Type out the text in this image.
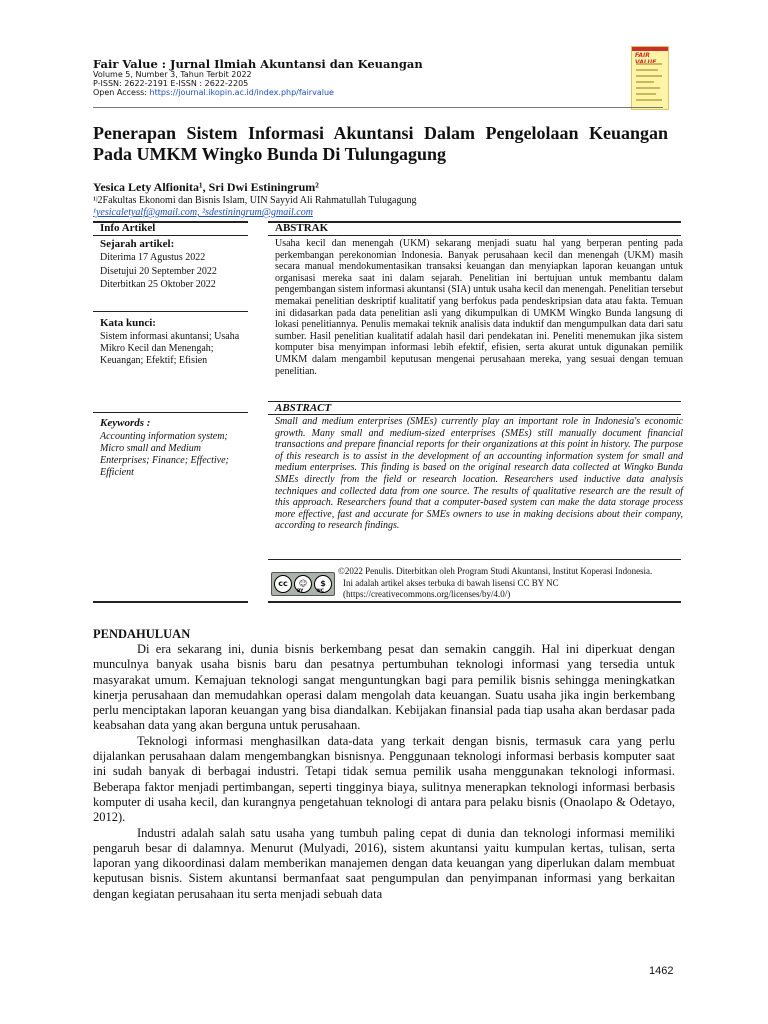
Fair Value : Jurnal Ilmiah Akuntansi dan Keuangan
Volume 5, Number 3, Tahun Terbit 2022
P-ISSN: 2622-2191 E-ISSN : 2622-2205
Open Access: https://journal.ikopin.ac.id/index.php/fairvalue
FAIR
Penerapan Sistem Informasi Akuntansi Dalam Pengelolaan Keuangan Pada UMKM Wingko Bunda Di Tulungagung
Yesica Lety Alfionita¹, Sri Dwi Estiningrum²
¹ʲ2Fakultas Ekonomi dan Bisnis Islam, UIN Sayyid Ali Rahmatullah Tulugagung
¹yesicaletyalf@gmail.com, ²sdestiningrum@gmail.com
Info Artikel
Sejarah artikel:
Diterima 17 Agustus 2022
Disetujui 20 September 2022
Diterbitkan 25 Oktober 2022
Kata kunci:
Sistem informasi akuntansi; Usaha Mikro Kecil dan Menengah; Keuangan; Efektif; Efisien
Keywords :
Accounting information system; Micro small and Medium Enterprises; Finance; Effective; Efficient
ABSTRAK
Usaha kecil dan menengah (UKM) sekarang menjadi suatu hal yang berperan penting pada perkembangan perekonomian Indonesia. Banyak perusahaan kecil dan menengah (UKM) masih secara manual mendokumentasikan transaksi keuangan dan menyiapkan laporan keuangan untuk organisasi mereka saat ini dalam sejarah. Penelitian ini bertujuan untuk membantu dalam pengembangan sistem informasi akuntansi (SIA) untuk usaha kecil dan menengah. Penelitian tersebut memakai penelitian deskriptif kualitatif yang berfokus pada pendeskripsian data atau fakta. Temuan ini didasarkan pada data penelitian asli yang dikumpulkan di UMKM Wingko Bunda langsung di lokasi penelitiannya. Penulis memakai teknik analisis data induktif dan mengumpulkan data dari satu sumber. Hasil penelitian kualitatif adalah hasil dari pendekatan ini. Peneliti menemukan jika sistem komputer bisa menyimpan informasi lebih efektif, efisien, serta akurat untuk digunakan pemilik UMKM dalam mengambil keputusan mengenai perusahaan mereka, yang sesuai dengan temuan penelitian.
ABSTRACT
Small and medium enterprises (SMEs) currently play an important role in Indonesia's economic growth. Many small and medium-sized enterprises (SMEs) still manually document financial transactions and prepare financial reports for their organizations at this point in history. The purpose of this research is to assist in the development of an accounting information system for small and medium enterprises. This finding is based on the original research data collected at Wingko Bunda SMEs directly from the field or research location. Researchers used inductive data analysis techniques and collected data from one source. The results of qualitative research are the result of this approach. Researchers found that a computer-based system can make the data storage process more effective, fast and accurate for SMEs owners to use in making decisions about their company, according to research findings.
cc	☺	$
BY	NC
©2022 Penulis. Diterbitkan oleh Program Studi Akuntansi, Institut Koperasi Indonesia.
Ini adalah artikel akses terbuka di bawah lisensi CC BY NC
(https://creativecommons.org/licenses/by/4.0/)
PENDAHULUAN

Di era sekarang ini, dunia bisnis berkembang pesat dan semakin canggih. Hal ini diperkuat dengan munculnya banyak usaha bisnis baru dan pesatnya pertumbuhan teknologi informasi yang tersedia untuk masyarakat umum. Kemajuan teknologi sangat menguntungkan bagi para pemilik bisnis sehingga meningkatkan kinerja perusahaan dan memudahkan operasi dalam mengolah data keuangan. Suatu usaha jika ingin berkembang perlu menciptakan laporan keuangan yang bisa diandalkan. Kebijakan finansial pada tiap usaha akan berdasar pada keabsahan data yang akan berguna untuk perusahaan.

Teknologi informasi menghasilkan data-data yang terkait dengan bisnis, termasuk cara yang perlu dijalankan perusahaan dalam mengembangkan bisnisnya. Penggunaan teknologi informasi berbasis komputer saat ini sudah banyak di berbagai industri. Tetapi tidak semua pemilik usaha menggunakan teknologi informasi. Beberapa faktor menjadi pertimbangan, seperti tingginya biaya, sulitnya menerapkan teknologi informasi berbasis komputer di usaha kecil, dan kurangnya pengetahuan teknologi di antara para pelaku bisnis (Onaolapo & Odetayo, 2012).

Industri adalah salah satu usaha yang tumbuh paling cepat di dunia dan teknologi informasi memiliki pengaruh besar di dalamnya. Menurut (Mulyadi, 2016), sistem akuntansi yaitu kumpulan kertas, tulisan, serta laporan yang dikoordinasi dalam memberikan manajemen dengan data keuangan yang diperlukan dalam membuat keputusan bisnis. Sistem akuntansi bermanfaat saat pengumpulan dan penyimpanan informasi yang berkaitan dengan kegiatan perusahaan itu serta menjadi sebuah data

1462
